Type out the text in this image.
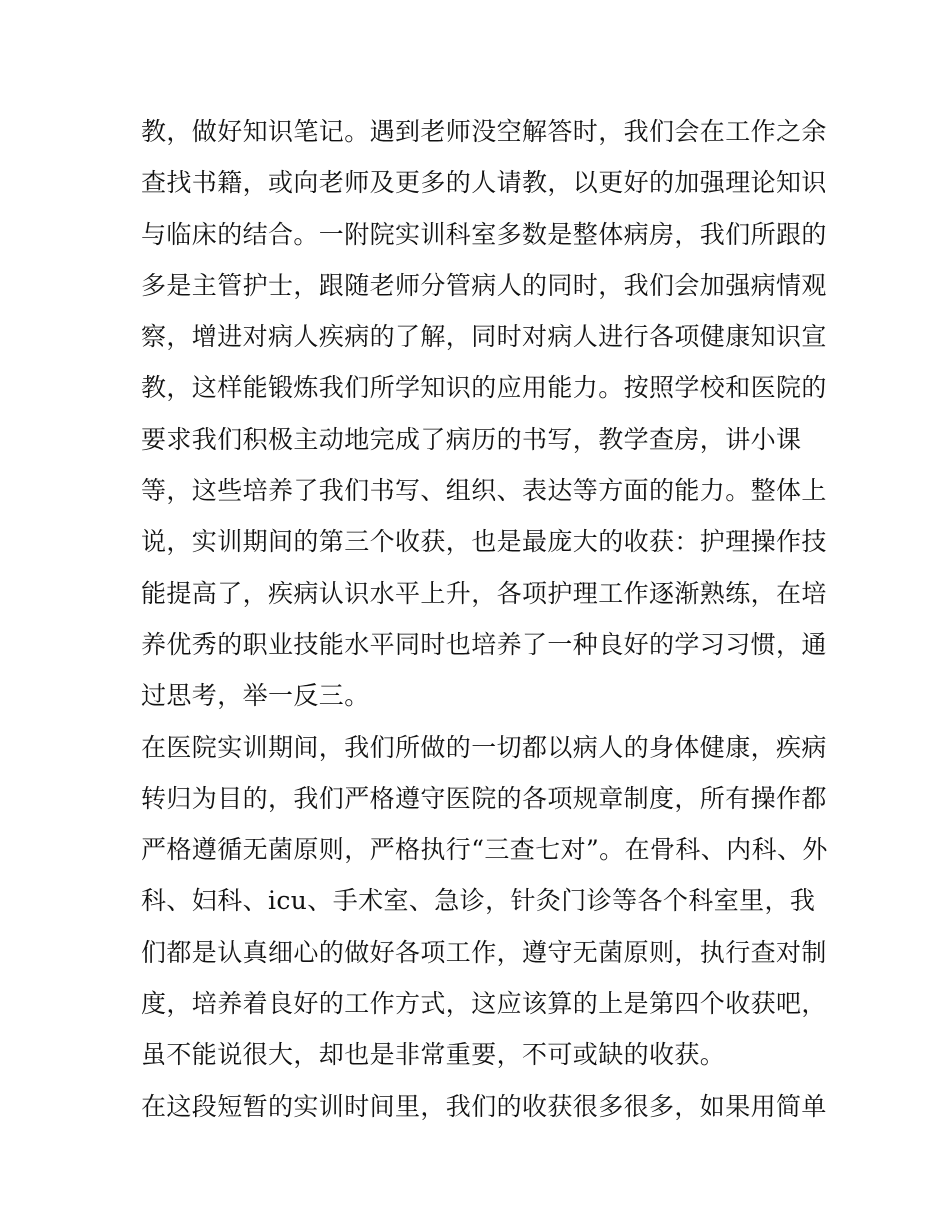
教，做好知识笔记。遇到老师没空解答时，我们会在工作之余
查找书籍，或向老师及更多的人请教，以更好的加强理论知识
与临床的结合。一附院实训科室多数是整体病房，我们所跟的
多是主管护士，跟随老师分管病人的同时，我们会加强病情观
察，增进对病人疾病的了解，同时对病人进行各项健康知识宣
教，这样能锻炼我们所学知识的应用能力。按照学校和医院的
要求我们积极主动地完成了病历的书写，教学查房，讲小课
等，这些培养了我们书写、组织、表达等方面的能力。整体上
说，实训期间的第三个收获，也是最庞大的收获：护理操作技
能提高了，疾病认识水平上升，各项护理工作逐渐熟练，在培
养优秀的职业技能水平同时也培养了一种良好的学习习惯，通
过思考，举一反三。
在医院实训期间，我们所做的一切都以病人的身体健康，疾病
转归为目的，我们严格遵守医院的各项规章制度，所有操作都
严格遵循无菌原则，严格执行“三查七对”。在骨科、内科、外
科、妇科、icu、手术室、急诊，针灸门诊等各个科室里，我
们都是认真细心的做好各项工作，遵守无菌原则，执行查对制
度，培养着良好的工作方式，这应该算的上是第四个收获吧，
虽不能说很大，却也是非常重要，不可或缺的收获。
在这段短暂的实训时间里，我们的收获很多很多，如果用简单
